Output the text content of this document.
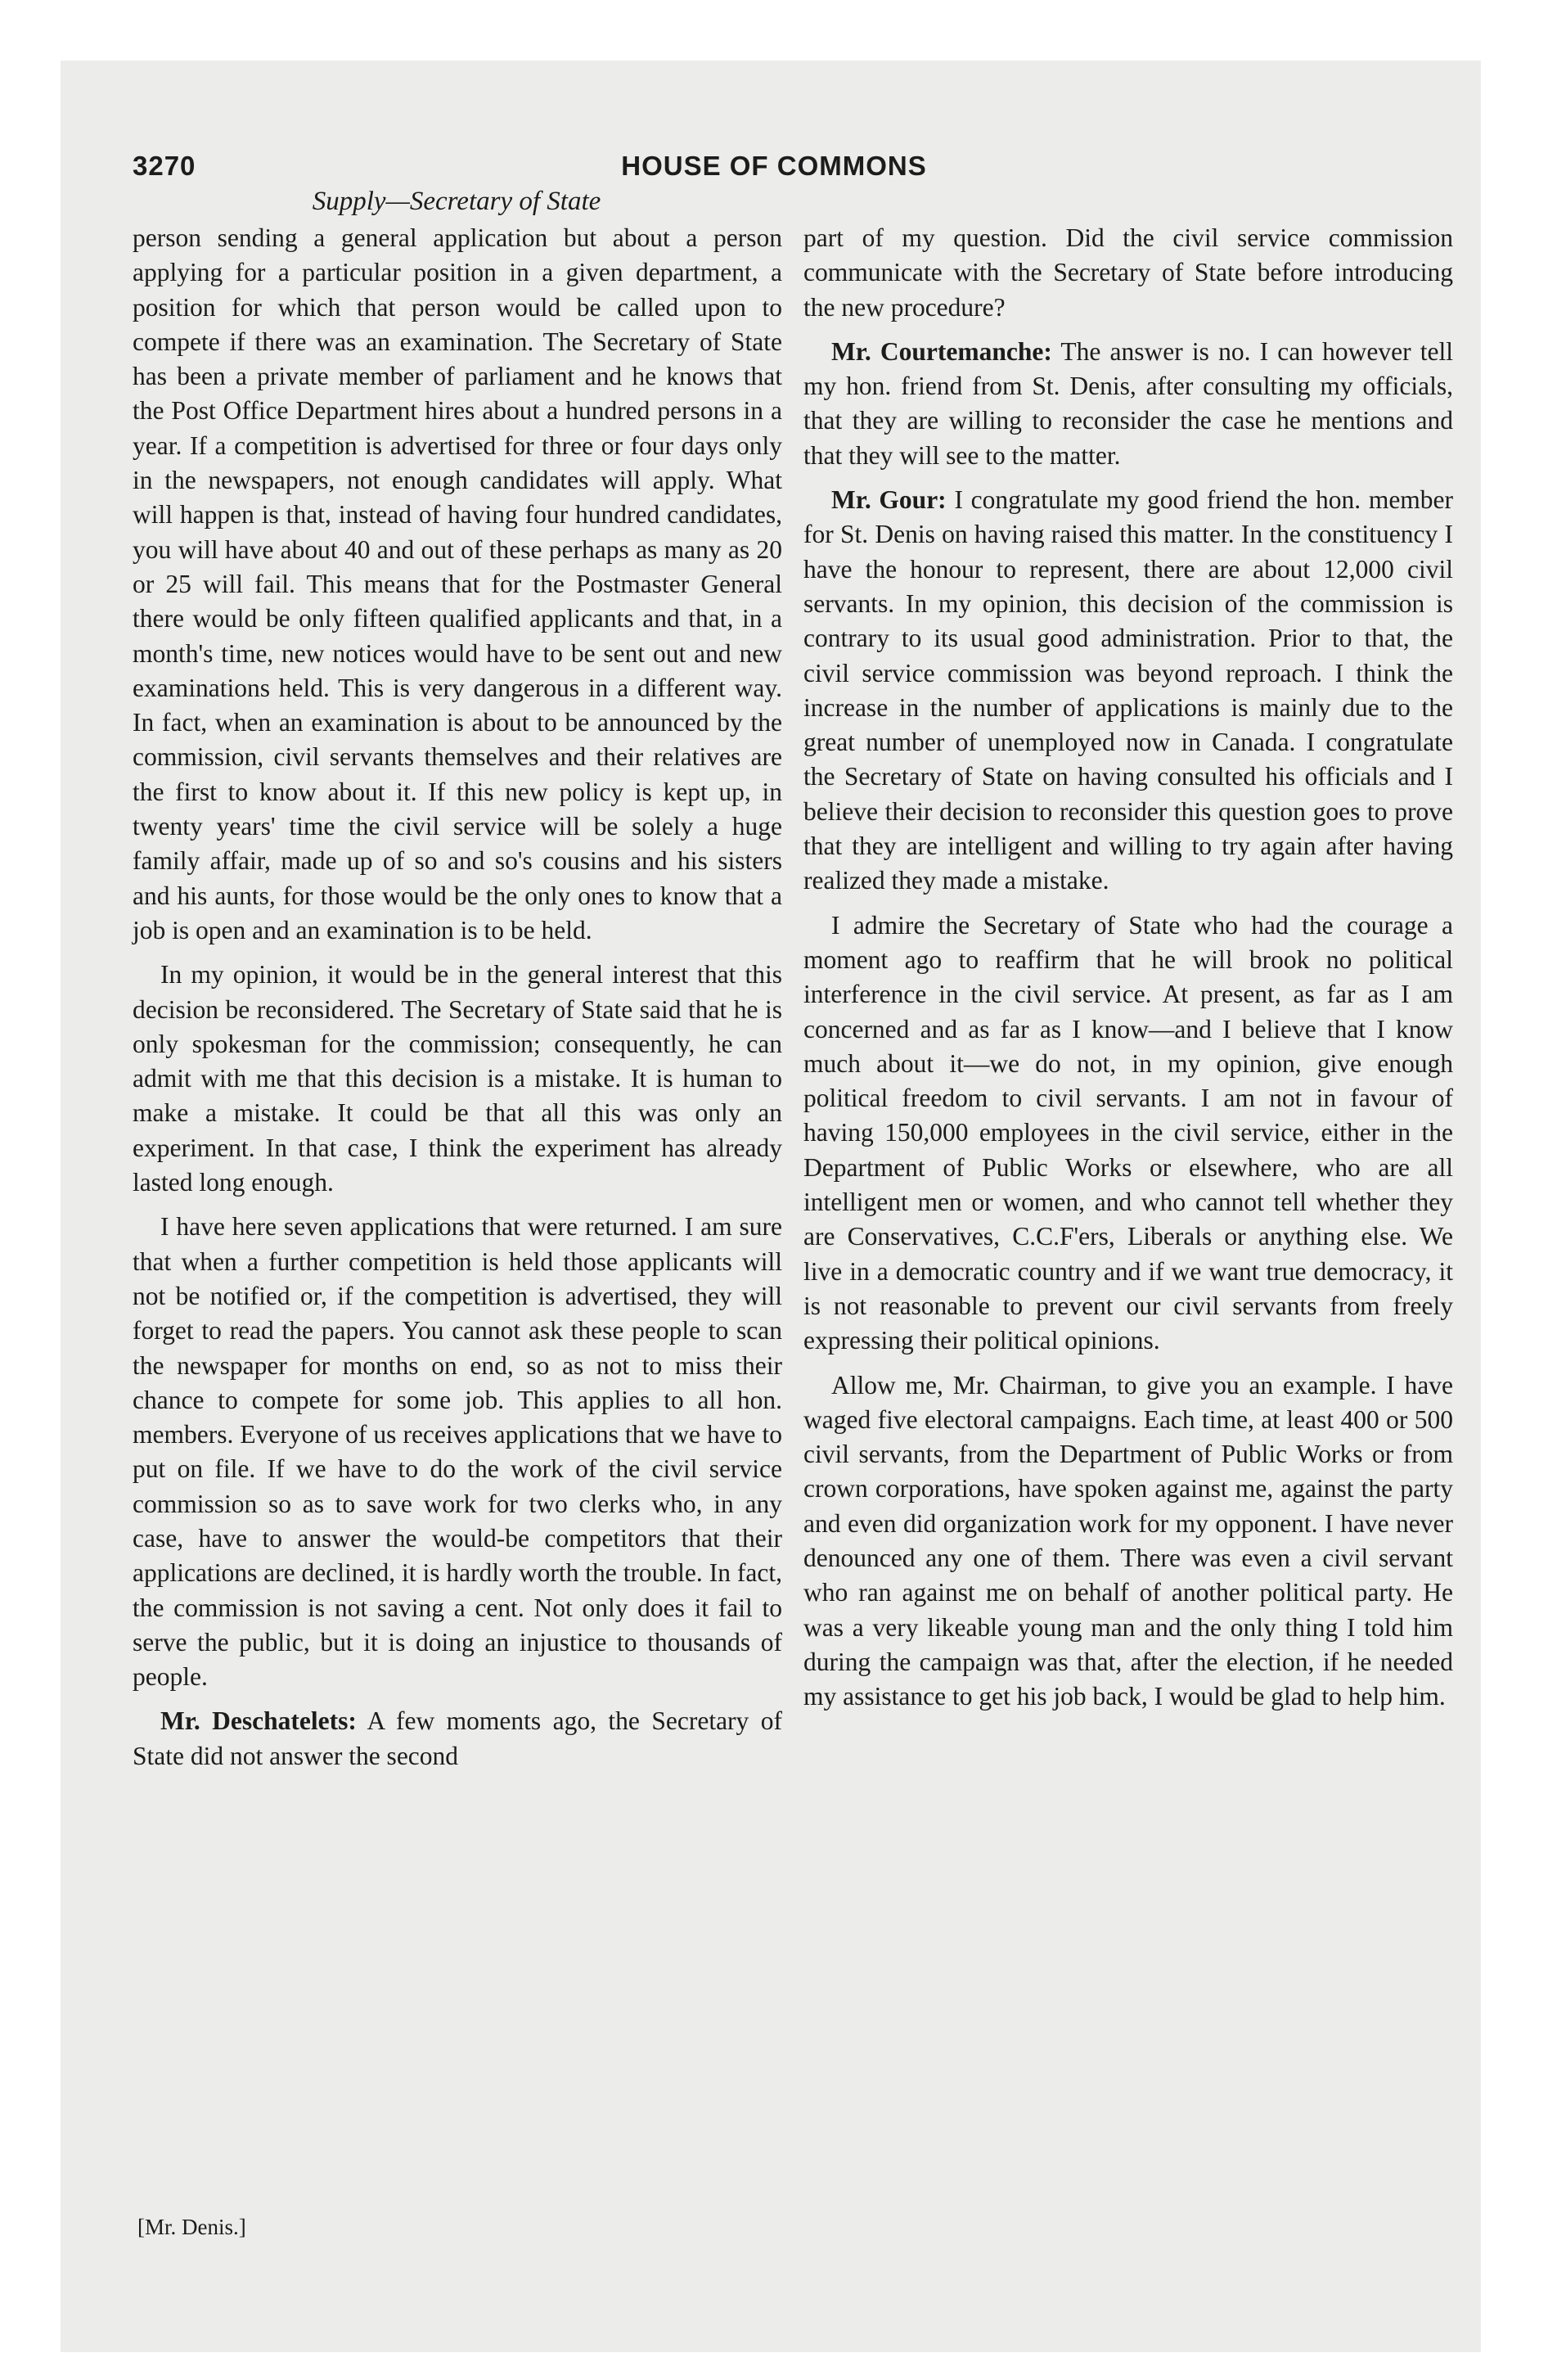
3270	HOUSE OF COMMONS
Supply—Secretary of State

person sending a general application but about a person applying for a particular position in a given department, a position for which that person would be called upon to compete if there was an examination. The Secretary of State has been a private member of parliament and he knows that the Post Office Department hires about a hundred persons in a year. If a competition is advertised for three or four days only in the newspapers, not enough candidates will apply. What will happen is that, instead of having four hundred candidates, you will have about 40 and out of these perhaps as many as 20 or 25 will fail. This means that for the Postmaster General there would be only fifteen qualified applicants and that, in a month's time, new notices would have to be sent out and new examinations held. This is very dangerous in a different way. In fact, when an examination is about to be announced by the commission, civil servants themselves and their relatives are the first to know about it. If this new policy is kept up, in twenty years' time the civil service will be solely a huge family affair, made up of so and so's cousins and his sisters and his aunts, for those would be the only ones to know that a job is open and an examination is to be held.

In my opinion, it would be in the general interest that this decision be reconsidered. The Secretary of State said that he is only spokesman for the commission; consequently, he can admit with me that this decision is a mistake. It is human to make a mistake. It could be that all this was only an experiment. In that case, I think the experiment has already lasted long enough.

I have here seven applications that were returned. I am sure that when a further competition is held those applicants will not be notified or, if the competition is advertised, they will forget to read the papers. You cannot ask these people to scan the newspaper for months on end, so as not to miss their chance to compete for some job. This applies to all hon. members. Everyone of us receives applications that we have to put on file. If we have to do the work of the civil service commission so as to save work for two clerks who, in any case, have to answer the would-be competitors that their applications are declined, it is hardly worth the trouble. In fact, the commission is not saving a cent. Not only does it fail to serve the public, but it is doing an injustice to thousands of people.

Mr. Deschatelets: A few moments ago, the Secretary of State did not answer the second

part of my question. Did the civil service commission communicate with the Secretary of State before introducing the new procedure?

Mr. Courtemanche: The answer is no. I can however tell my hon. friend from St. Denis, after consulting my officials, that they are willing to reconsider the case he mentions and that they will see to the matter.

Mr. Gour: I congratulate my good friend the hon. member for St. Denis on having raised this matter. In the constituency I have the honour to represent, there are about 12,000 civil servants. In my opinion, this decision of the commission is contrary to its usual good administration. Prior to that, the civil service commission was beyond reproach. I think the increase in the number of applications is mainly due to the great number of unemployed now in Canada. I congratulate the Secretary of State on having consulted his officials and I believe their decision to reconsider this question goes to prove that they are intelligent and willing to try again after having realized they made a mistake.

I admire the Secretary of State who had the courage a moment ago to reaffirm that he will brook no political interference in the civil service. At present, as far as I am concerned and as far as I know—and I believe that I know much about it—we do not, in my opinion, give enough political freedom to civil servants. I am not in favour of having 150,000 employees in the civil service, either in the Department of Public Works or elsewhere, who are all intelligent men or women, and who cannot tell whether they are Conservatives, C.C.F'ers, Liberals or anything else. We live in a democratic country and if we want true democracy, it is not reasonable to prevent our civil servants from freely expressing their political opinions.

Allow me, Mr. Chairman, to give you an example. I have waged five electoral campaigns. Each time, at least 400 or 500 civil servants, from the Department of Public Works or from crown corporations, have spoken against me, against the party and even did organization work for my opponent. I have never denounced any one of them. There was even a civil servant who ran against me on behalf of another political party. He was a very likeable young man and the only thing I told him during the campaign was that, after the election, if he needed my assistance to get his job back, I would be glad to help him.

[Mr. Denis.]
